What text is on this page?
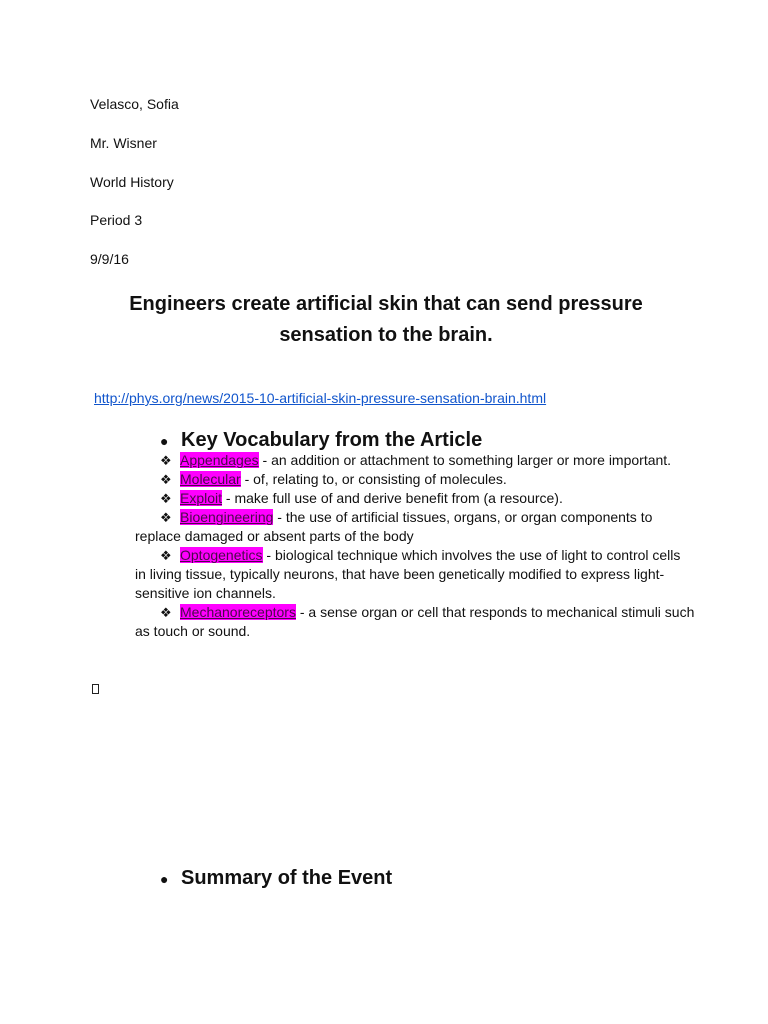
Velasco, Sofia

Mr. Wisner

World History

Period 3

9/9/16

Engineers create artificial skin that can send pressure
sensation to the brain.
http://phys.org/news/2015-10-artificial-skin-pressure-sensation-brain.html
● Key Vocabulary from the Article
❖ Appendages - an addition or attachment to something larger or more important.
❖ Molecular - of, relating to, or consisting of molecules.
❖ Exploit - make full use of and derive benefit from (a resource).
❖ Bioengineering - the use of artificial tissues, organs, or organ components to replace damaged or absent parts of the body
❖ Optogenetics - biological technique which involves the use of light to control cells in living tissue, typically neurons, that have been genetically modified to express light-sensitive ion channels.
❖ Mechanoreceptors - a sense organ or cell that responds to mechanical stimuli such as touch or sound.
● Summary of the Event
